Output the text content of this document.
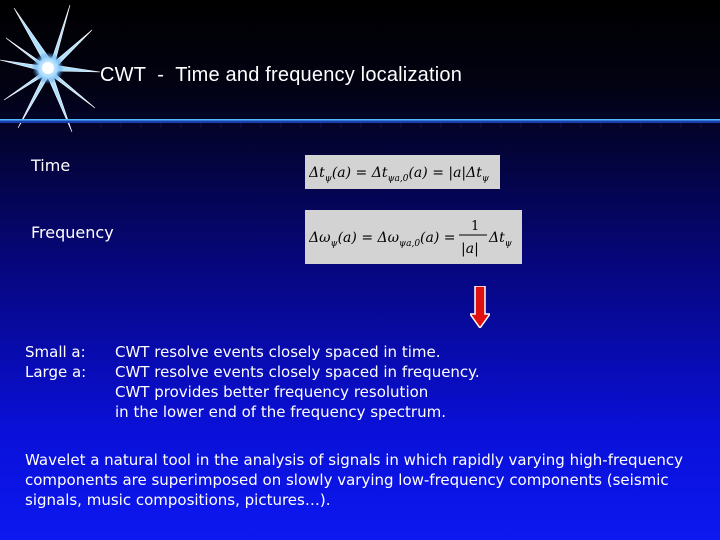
CWT  -  Time and frequency localization
Time
Frequency
$\Delta t_\psi(a) = \Delta t_{\psi a,0}(a) = |a|\Delta t_\psi$
$\Delta\omega_\psi(a) = \Delta\omega_{\psi a,0}(a)$ =
1
|a|
$\Delta t_\psi$
Small a:	CWT resolve events closely spaced in time.
Large a:	CWT resolve events closely spaced in frequency.
CWT provides better frequency resolution
in the lower end of the frequency spectrum.
Wavelet a natural tool in the analysis of signals in which rapidly varying high-frequency components are superimposed on slowly varying low-frequency components (seismic signals, music compositions, pictures…).
